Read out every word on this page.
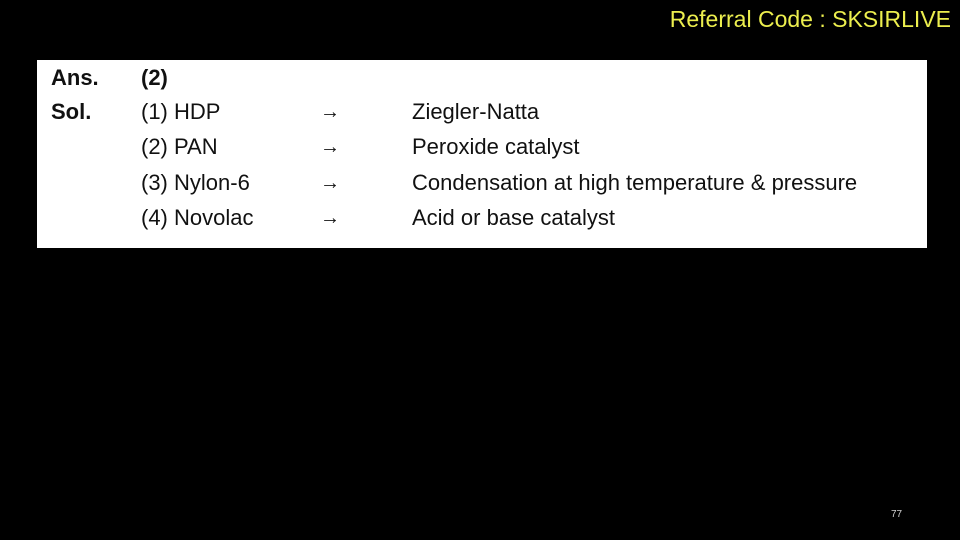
Referral Code : SKSIRLIVE
Ans. (2)
Sol. (1) HDP	→	Ziegler-Natta
(2) PAN	→	Peroxide catalyst
(3) Nylon-6	→	Condensation at high temperature & pressure
(4) Novolac	→	Acid or base catalyst
77
